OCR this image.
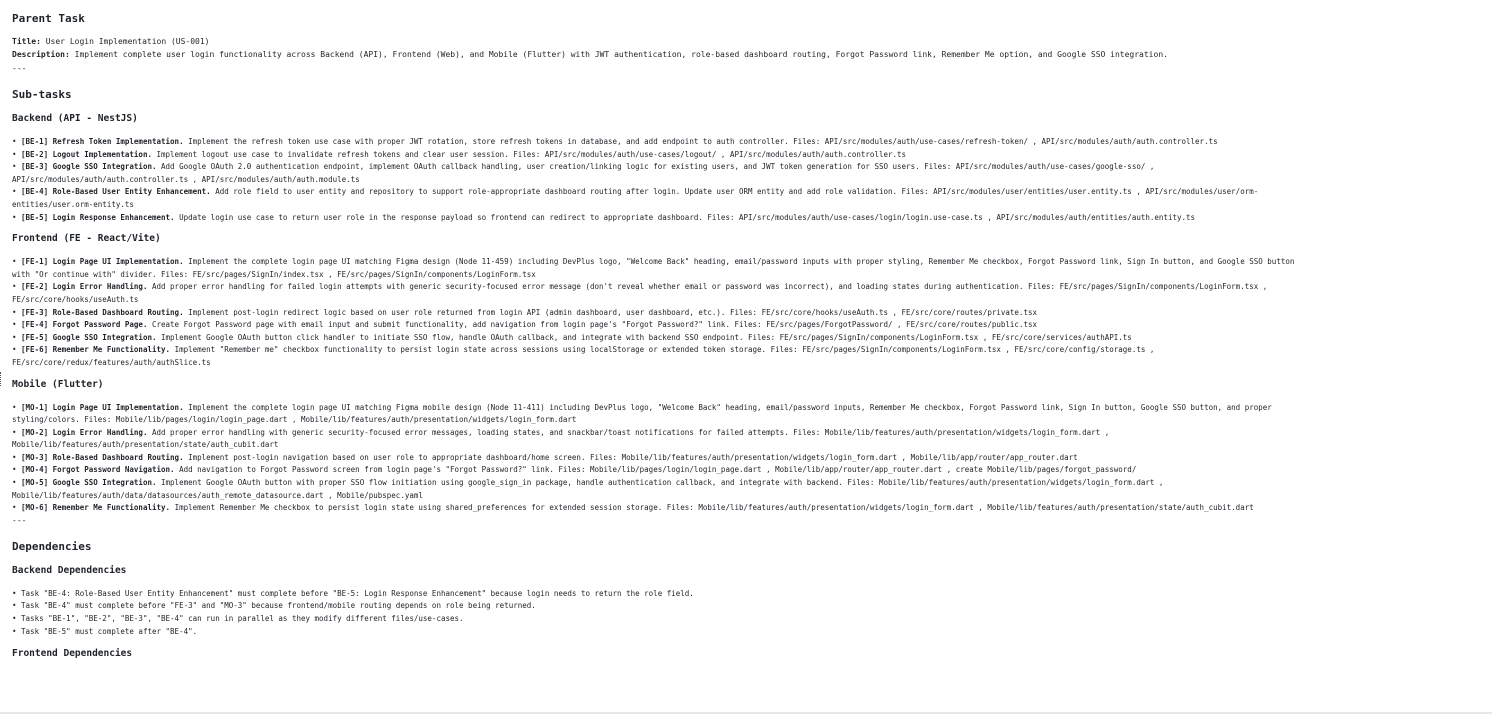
Parent Task
Title: User Login Implementation (US-001)
Description: Implement complete user login functionality across Backend (API), Frontend (Web), and Mobile (Flutter) with JWT authentication, role-based dashboard routing, Forgot Password link, Remember Me option, and Google SSO integration.
---
Sub-tasks
Backend (API - NestJS)
• [BE-1] Refresh Token Implementation. Implement the refresh token use case with proper JWT rotation, store refresh tokens in database, and add endpoint to auth controller. Files: API/src/modules/auth/use-cases/refresh-token/ , API/src/modules/auth/auth.controller.ts
• [BE-2] Logout Implementation. Implement logout use case to invalidate refresh tokens and clear user session. Files: API/src/modules/auth/use-cases/logout/ , API/src/modules/auth/auth.controller.ts
• [BE-3] Google SSO Integration. Add Google OAuth 2.0 authentication endpoint, implement OAuth callback handling, user creation/linking logic for existing users, and JWT token generation for SSO users. Files: API/src/modules/auth/use-cases/google-sso/ ,
API/src/modules/auth/auth.controller.ts , API/src/modules/auth/auth.module.ts
• [BE-4] Role-Based User Entity Enhancement. Add role field to user entity and repository to support role-appropriate dashboard routing after login. Update user ORM entity and add role validation. Files: API/src/modules/user/entities/user.entity.ts , API/src/modules/user/orm-
entities/user.orm-entity.ts
• [BE-5] Login Response Enhancement. Update login use case to return user role in the response payload so frontend can redirect to appropriate dashboard. Files: API/src/modules/auth/use-cases/login/login.use-case.ts , API/src/modules/auth/entities/auth.entity.ts
Frontend (FE - React/Vite)
• [FE-1] Login Page UI Implementation. Implement the complete login page UI matching Figma design (Node 11-459) including DevPlus logo, "Welcome Back" heading, email/password inputs with proper styling, Remember Me checkbox, Forgot Password link, Sign In button, and Google SSO button
with "Or continue with" divider. Files: FE/src/pages/SignIn/index.tsx , FE/src/pages/SignIn/components/LoginForm.tsx
• [FE-2] Login Error Handling. Add proper error handling for failed login attempts with generic security-focused error message (don't reveal whether email or password was incorrect), and loading states during authentication. Files: FE/src/pages/SignIn/components/LoginForm.tsx ,
FE/src/core/hooks/useAuth.ts
• [FE-3] Role-Based Dashboard Routing. Implement post-login redirect logic based on user role returned from login API (admin dashboard, user dashboard, etc.). Files: FE/src/core/hooks/useAuth.ts , FE/src/core/routes/private.tsx
• [FE-4] Forgot Password Page. Create Forgot Password page with email input and submit functionality, add navigation from login page's "Forgot Password?" link. Files: FE/src/pages/ForgotPassword/ , FE/src/core/routes/public.tsx
• [FE-5] Google SSO Integration. Implement Google OAuth button click handler to initiate SSO flow, handle OAuth callback, and integrate with backend SSO endpoint. Files: FE/src/pages/SignIn/components/LoginForm.tsx , FE/src/core/services/authAPI.ts
• [FE-6] Remember Me Functionality. Implement "Remember me" checkbox functionality to persist login state across sessions using localStorage or extended token storage. Files: FE/src/pages/SignIn/components/LoginForm.tsx , FE/src/core/config/storage.ts ,
FE/src/core/redux/features/auth/authSlice.ts
Mobile (Flutter)
• [MO-1] Login Page UI Implementation. Implement the complete login page UI matching Figma mobile design (Node 11-411) including DevPlus logo, "Welcome Back" heading, email/password inputs, Remember Me checkbox, Forgot Password link, Sign In button, Google SSO button, and proper
styling/colors. Files: Mobile/lib/pages/login/login_page.dart , Mobile/lib/features/auth/presentation/widgets/login_form.dart
• [MO-2] Login Error Handling. Add proper error handling with generic security-focused error messages, loading states, and snackbar/toast notifications for failed attempts. Files: Mobile/lib/features/auth/presentation/widgets/login_form.dart ,
Mobile/lib/features/auth/presentation/state/auth_cubit.dart
• [MO-3] Role-Based Dashboard Routing. Implement post-login navigation based on user role to appropriate dashboard/home screen. Files: Mobile/lib/features/auth/presentation/widgets/login_form.dart , Mobile/lib/app/router/app_router.dart
• [MO-4] Forgot Password Navigation. Add navigation to Forgot Password screen from login page's "Forgot Password?" link. Files: Mobile/lib/pages/login/login_page.dart , Mobile/lib/app/router/app_router.dart , create Mobile/lib/pages/forgot_password/
• [MO-5] Google SSO Integration. Implement Google OAuth button with proper SSO flow initiation using google_sign_in package, handle authentication callback, and integrate with backend. Files: Mobile/lib/features/auth/presentation/widgets/login_form.dart ,
Mobile/lib/features/auth/data/datasources/auth_remote_datasource.dart , Mobile/pubspec.yaml
• [MO-6] Remember Me Functionality. Implement Remember Me checkbox to persist login state using shared_preferences for extended session storage. Files: Mobile/lib/features/auth/presentation/widgets/login_form.dart , Mobile/lib/features/auth/presentation/state/auth_cubit.dart
---
Dependencies
Backend Dependencies
• Task "BE-4: Role-Based User Entity Enhancement" must complete before "BE-5: Login Response Enhancement" because login needs to return the role field.
• Task "BE-4" must complete before "FE-3" and "MO-3" because frontend/mobile routing depends on role being returned.
• Tasks "BE-1", "BE-2", "BE-3", "BE-4" can run in parallel as they modify different files/use-cases.
• Task "BE-5" must complete after "BE-4".
Frontend Dependencies
